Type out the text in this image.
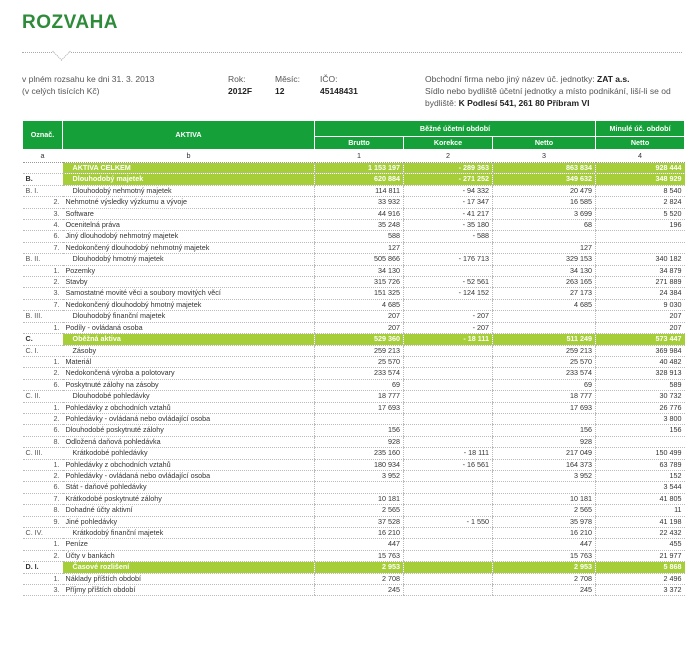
ROZVAHA
v plném rozsahu ke dni 31. 3. 2013
(v celých tisících Kč)
Rok:
2012F
Měsíc:
12
IČO:
45148431
Obchodní firma nebo jiný název úč. jednotky: ZAT a.s.
Sídlo nebo bydliště účetní jednotky a místo podnikání, liší-li se od
bydliště: K Podlesí 541, 261 80 Příbram VI
Označ.	AKTIVA	Běžné účetní období			Minulé úč. období
		Brutto	Korekce	Netto	Netto
a	b	1	2	3	4
	AKTIVA CELKEM	1 153 197	- 289 363	863 834	928 444
B.	Dlouhodobý majetek	620 884	- 271 252	349 632	348 929
B. I.	Dlouhodobý nehmotný majetek	114 811	- 94 332	20 479	8 540
2.	Nehmotné výsledky výzkumu a vývoje	33 932	- 17 347	16 585	2 824
3.	Software	44 916	- 41 217	3 699	5 520
4.	Ocenitelná práva	35 248	- 35 180	68	196
6.	Jiný dlouhodobý nehmotný majetek	588	- 588		
7.	Nedokončený dlouhodobý nehmotný majetek	127		127	
B. II.	Dlouhodobý hmotný majetek	505 866	- 176 713	329 153	340 182
1.	Pozemky	34 130		34 130	34 879
2.	Stavby	315 726	- 52 561	263 165	271 889
3.	Samostatné movité věci a soubory movitých věcí	151 325	- 124 152	27 173	24 384
7.	Nedokončený dlouhodobý hmotný majetek	4 685		4 685	9 030
B. III.	Dlouhodobý finanční majetek	207	- 207		207
1.	Podíly - ovládaná osoba	207	- 207		207
C.	Oběžná aktiva	529 360	- 18 111	511 249	573 447
C. I.	Zásoby	259 213		259 213	369 984
1.	Materiál	25 570		25 570	40 482
2.	Nedokončená výroba a polotovary	233 574		233 574	328 913
6.	Poskytnuté zálohy na zásoby	69		69	589
C. II.	Dlouhodobé pohledávky	18 777		18 777	30 732
1.	Pohledávky z obchodních vztahů	17 693		17 693	26 776
2.	Pohledávky - ovládaná nebo ovládající osoba				3 800
6.	Dlouhodobé poskytnuté zálohy	156		156	156
8.	Odložená daňová pohledávka	928		928	
C. III.	Krátkodobé pohledávky	235 160	- 18 111	217 049	150 499
1.	Pohledávky z obchodních vztahů	180 934	- 16 561	164 373	63 789
2.	Pohledávky - ovládaná nebo ovládající osoba	3 952		3 952	152
6.	Stát - daňové pohledávky				3 544
7.	Krátkodobé poskytnuté zálohy	10 181		10 181	41 805
8.	Dohadné účty aktivní	2 565		2 565	11
9.	Jiné pohledávky	37 528	- 1 550	35 978	41 198
C. IV.	Krátkodobý finanční majetek	16 210		16 210	22 432
1.	Peníze	447		447	455
2.	Účty v bankách	15 763		15 763	21 977
D. I.	Časové rozlišení	2 953		2 953	5 868
1.	Náklady příštích období	2 708		2 708	2 496
3.	Příjmy příštích období	245		245	3 372
